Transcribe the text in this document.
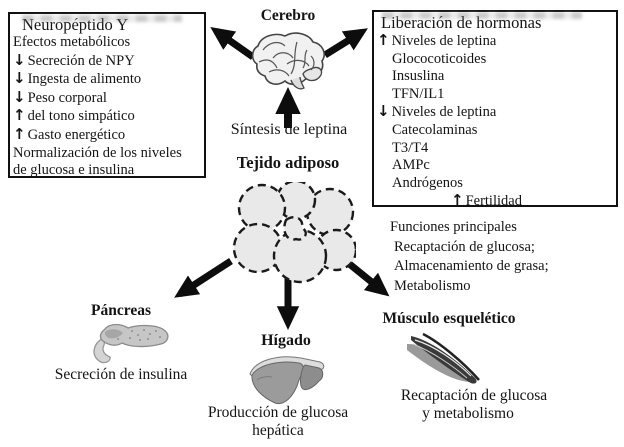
Neuropéptido Y
Efectos metabólicos
↓ Secreción de NPY
↓ Ingesta de alimento
↓ Peso corporal
↑ del tono simpático
↑ Gasto energético
Normalización de los niveles
de glucosa e insulina
Liberación de hormonas
↑ Niveles de leptina
Glococoticoides
Insuslina
TFN/IL1
↓ Niveles de leptina
Catecolaminas
T3/T4
AMPc
Andrógenos
↑ Fertilidad
Cerebro
Síntesis de leptina
Tejido adiposo
Funciones principales
Recaptación de glucosa;
Almacenamiento de grasa;
Metabolismo
Páncreas
Secreción de insulina
Hígado
Producción de glucosa
hepática
Músculo esquelético
Recaptación de glucosa
y metabolismo
